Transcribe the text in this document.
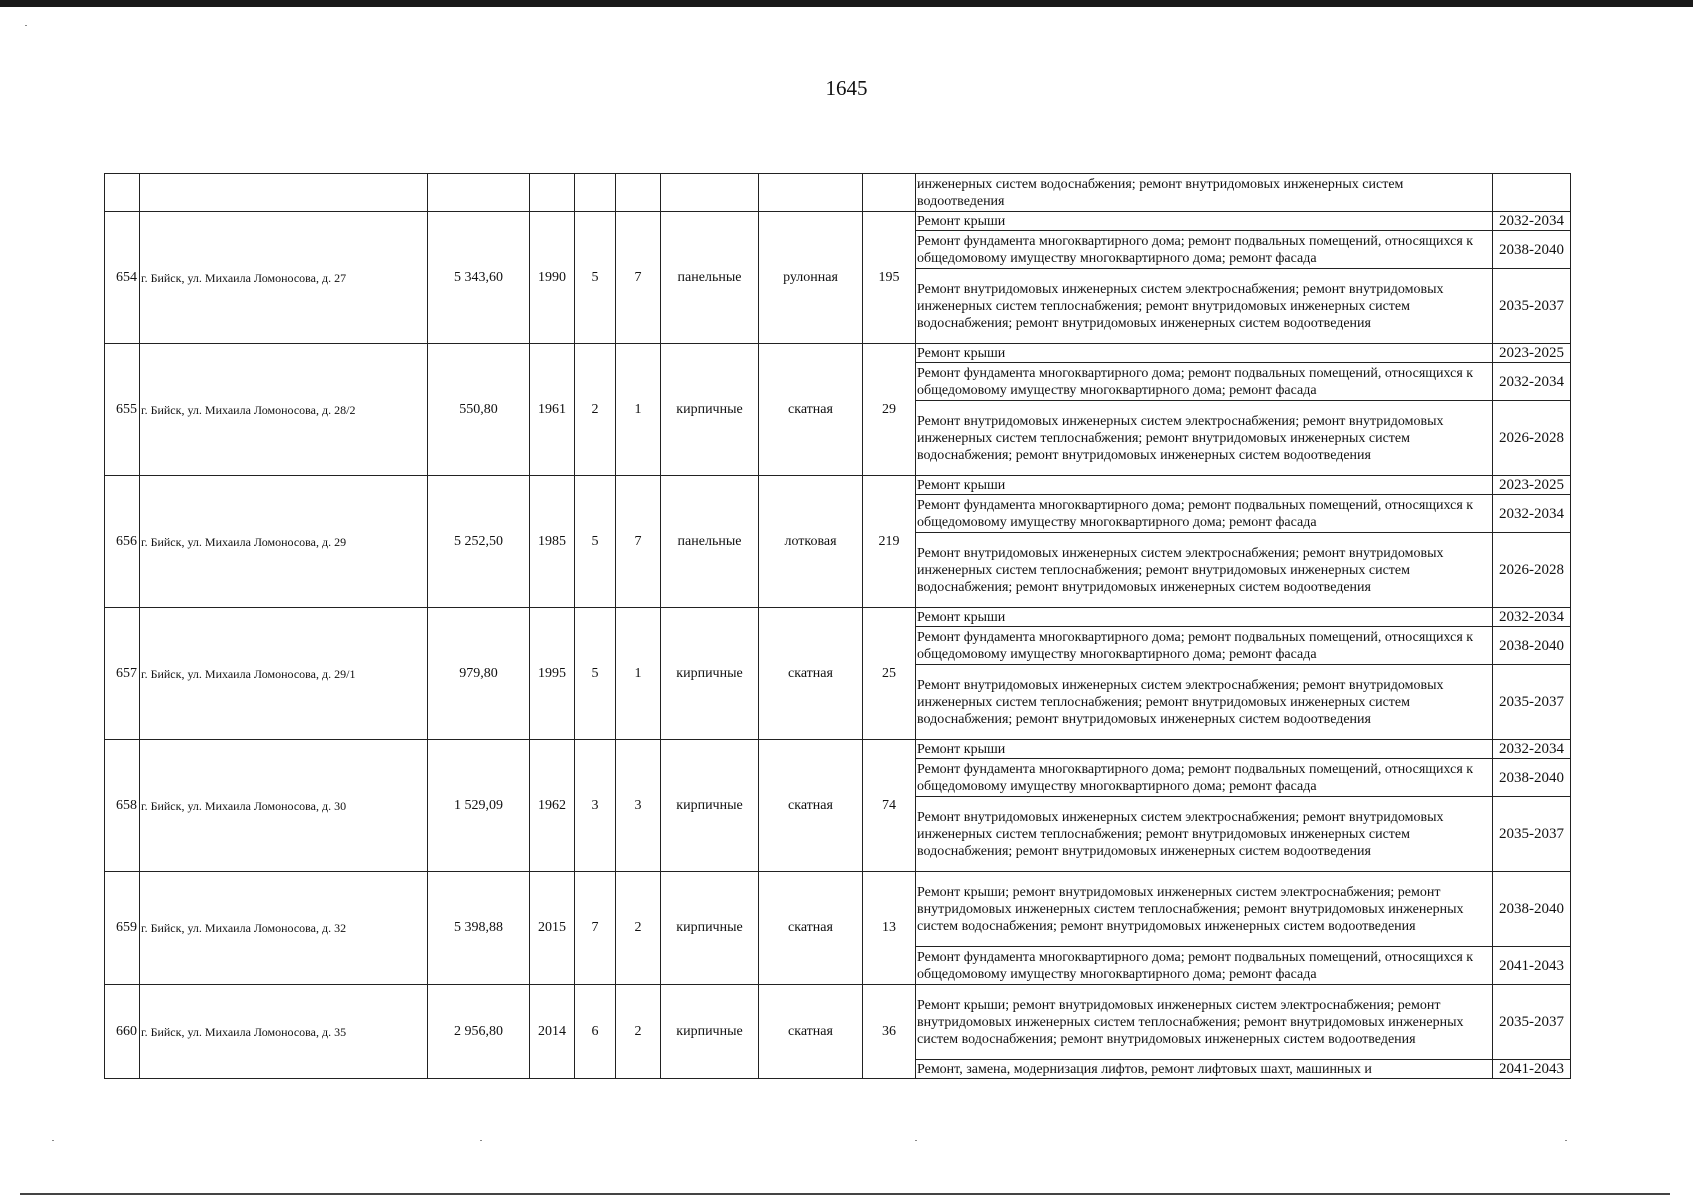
1645
									инженерных систем водоснабжения; ремонт внутридомовых инженерных систем водоотведения	
654	г. Бийск, ул. Михаила Ломоносова, д. 27	5 343,60	1990	5	7	панельные	рулонная	195	Ремонт крыши	2032-2034
									Ремонт фундамента многоквартирного дома; ремонт подвальных помещений, относящихся к общедомовому имуществу многоквартирного дома; ремонт фасада	2038-2040
									Ремонт внутридомовых инженерных систем электроснабжения; ремонт внутридомовых инженерных систем теплоснабжения; ремонт внутридомовых инженерных систем водоснабжения; ремонт внутридомовых инженерных систем водоотведения	2035-2037
655	г. Бийск, ул. Михаила Ломоносова, д. 28/2	550,80	1961	2	1	кирпичные	скатная	29	Ремонт крыши	2023-2025
									Ремонт фундамента многоквартирного дома; ремонт подвальных помещений, относящихся к общедомовому имуществу многоквартирного дома; ремонт фасада	2032-2034
									Ремонт внутридомовых инженерных систем электроснабжения; ремонт внутридомовых инженерных систем теплоснабжения; ремонт внутридомовых инженерных систем водоснабжения; ремонт внутридомовых инженерных систем водоотведения	2026-2028
656	г. Бийск, ул. Михаила Ломоносова, д. 29	5 252,50	1985	5	7	панельные	лотковая	219	Ремонт крыши	2023-2025
									Ремонт фундамента многоквартирного дома; ремонт подвальных помещений, относящихся к общедомовому имуществу многоквартирного дома; ремонт фасада	2032-2034
									Ремонт внутридомовых инженерных систем электроснабжения; ремонт внутридомовых инженерных систем теплоснабжения; ремонт внутридомовых инженерных систем водоснабжения; ремонт внутридомовых инженерных систем водоотведения	2026-2028
657	г. Бийск, ул. Михаила Ломоносова, д. 29/1	979,80	1995	5	1	кирпичные	скатная	25	Ремонт крыши	2032-2034
									Ремонт фундамента многоквартирного дома; ремонт подвальных помещений, относящихся к общедомовому имуществу многоквартирного дома; ремонт фасада	2038-2040
									Ремонт внутридомовых инженерных систем электроснабжения; ремонт внутридомовых инженерных систем теплоснабжения; ремонт внутридомовых инженерных систем водоснабжения; ремонт внутридомовых инженерных систем водоотведения	2035-2037
658	г. Бийск, ул. Михаила Ломоносова, д. 30	1 529,09	1962	3	3	кирпичные	скатная	74	Ремонт крыши	2032-2034
									Ремонт фундамента многоквартирного дома; ремонт подвальных помещений, относящихся к общедомовому имуществу многоквартирного дома; ремонт фасада	2038-2040
									Ремонт внутридомовых инженерных систем электроснабжения; ремонт внутридомовых инженерных систем теплоснабжения; ремонт внутридомовых инженерных систем водоснабжения; ремонт внутридомовых инженерных систем водоотведения	2035-2037
659	г. Бийск, ул. Михаила Ломоносова, д. 32	5 398,88	2015	7	2	кирпичные	скатная	13	Ремонт крыши; ремонт внутридомовых инженерных систем электроснабжения; ремонт внутридомовых инженерных систем теплоснабжения; ремонт внутридомовых инженерных систем водоснабжения; ремонт внутридомовых инженерных систем водоотведения	2038-2040
									Ремонт фундамента многоквартирного дома; ремонт подвальных помещений, относящихся к общедомовому имуществу многоквартирного дома; ремонт фасада	2041-2043
660	г. Бийск, ул. Михаила Ломоносова, д. 35	2 956,80	2014	6	2	кирпичные	скатная	36	Ремонт крыши; ремонт внутридомовых инженерных систем электроснабжения; ремонт внутридомовых инженерных систем теплоснабжения; ремонт внутридомовых инженерных систем водоснабжения; ремонт внутридомовых инженерных систем водоотведения	2035-2037
									Ремонт, замена, модернизация лифтов, ремонт лифтовых шахт, машинных и	2041-2043
